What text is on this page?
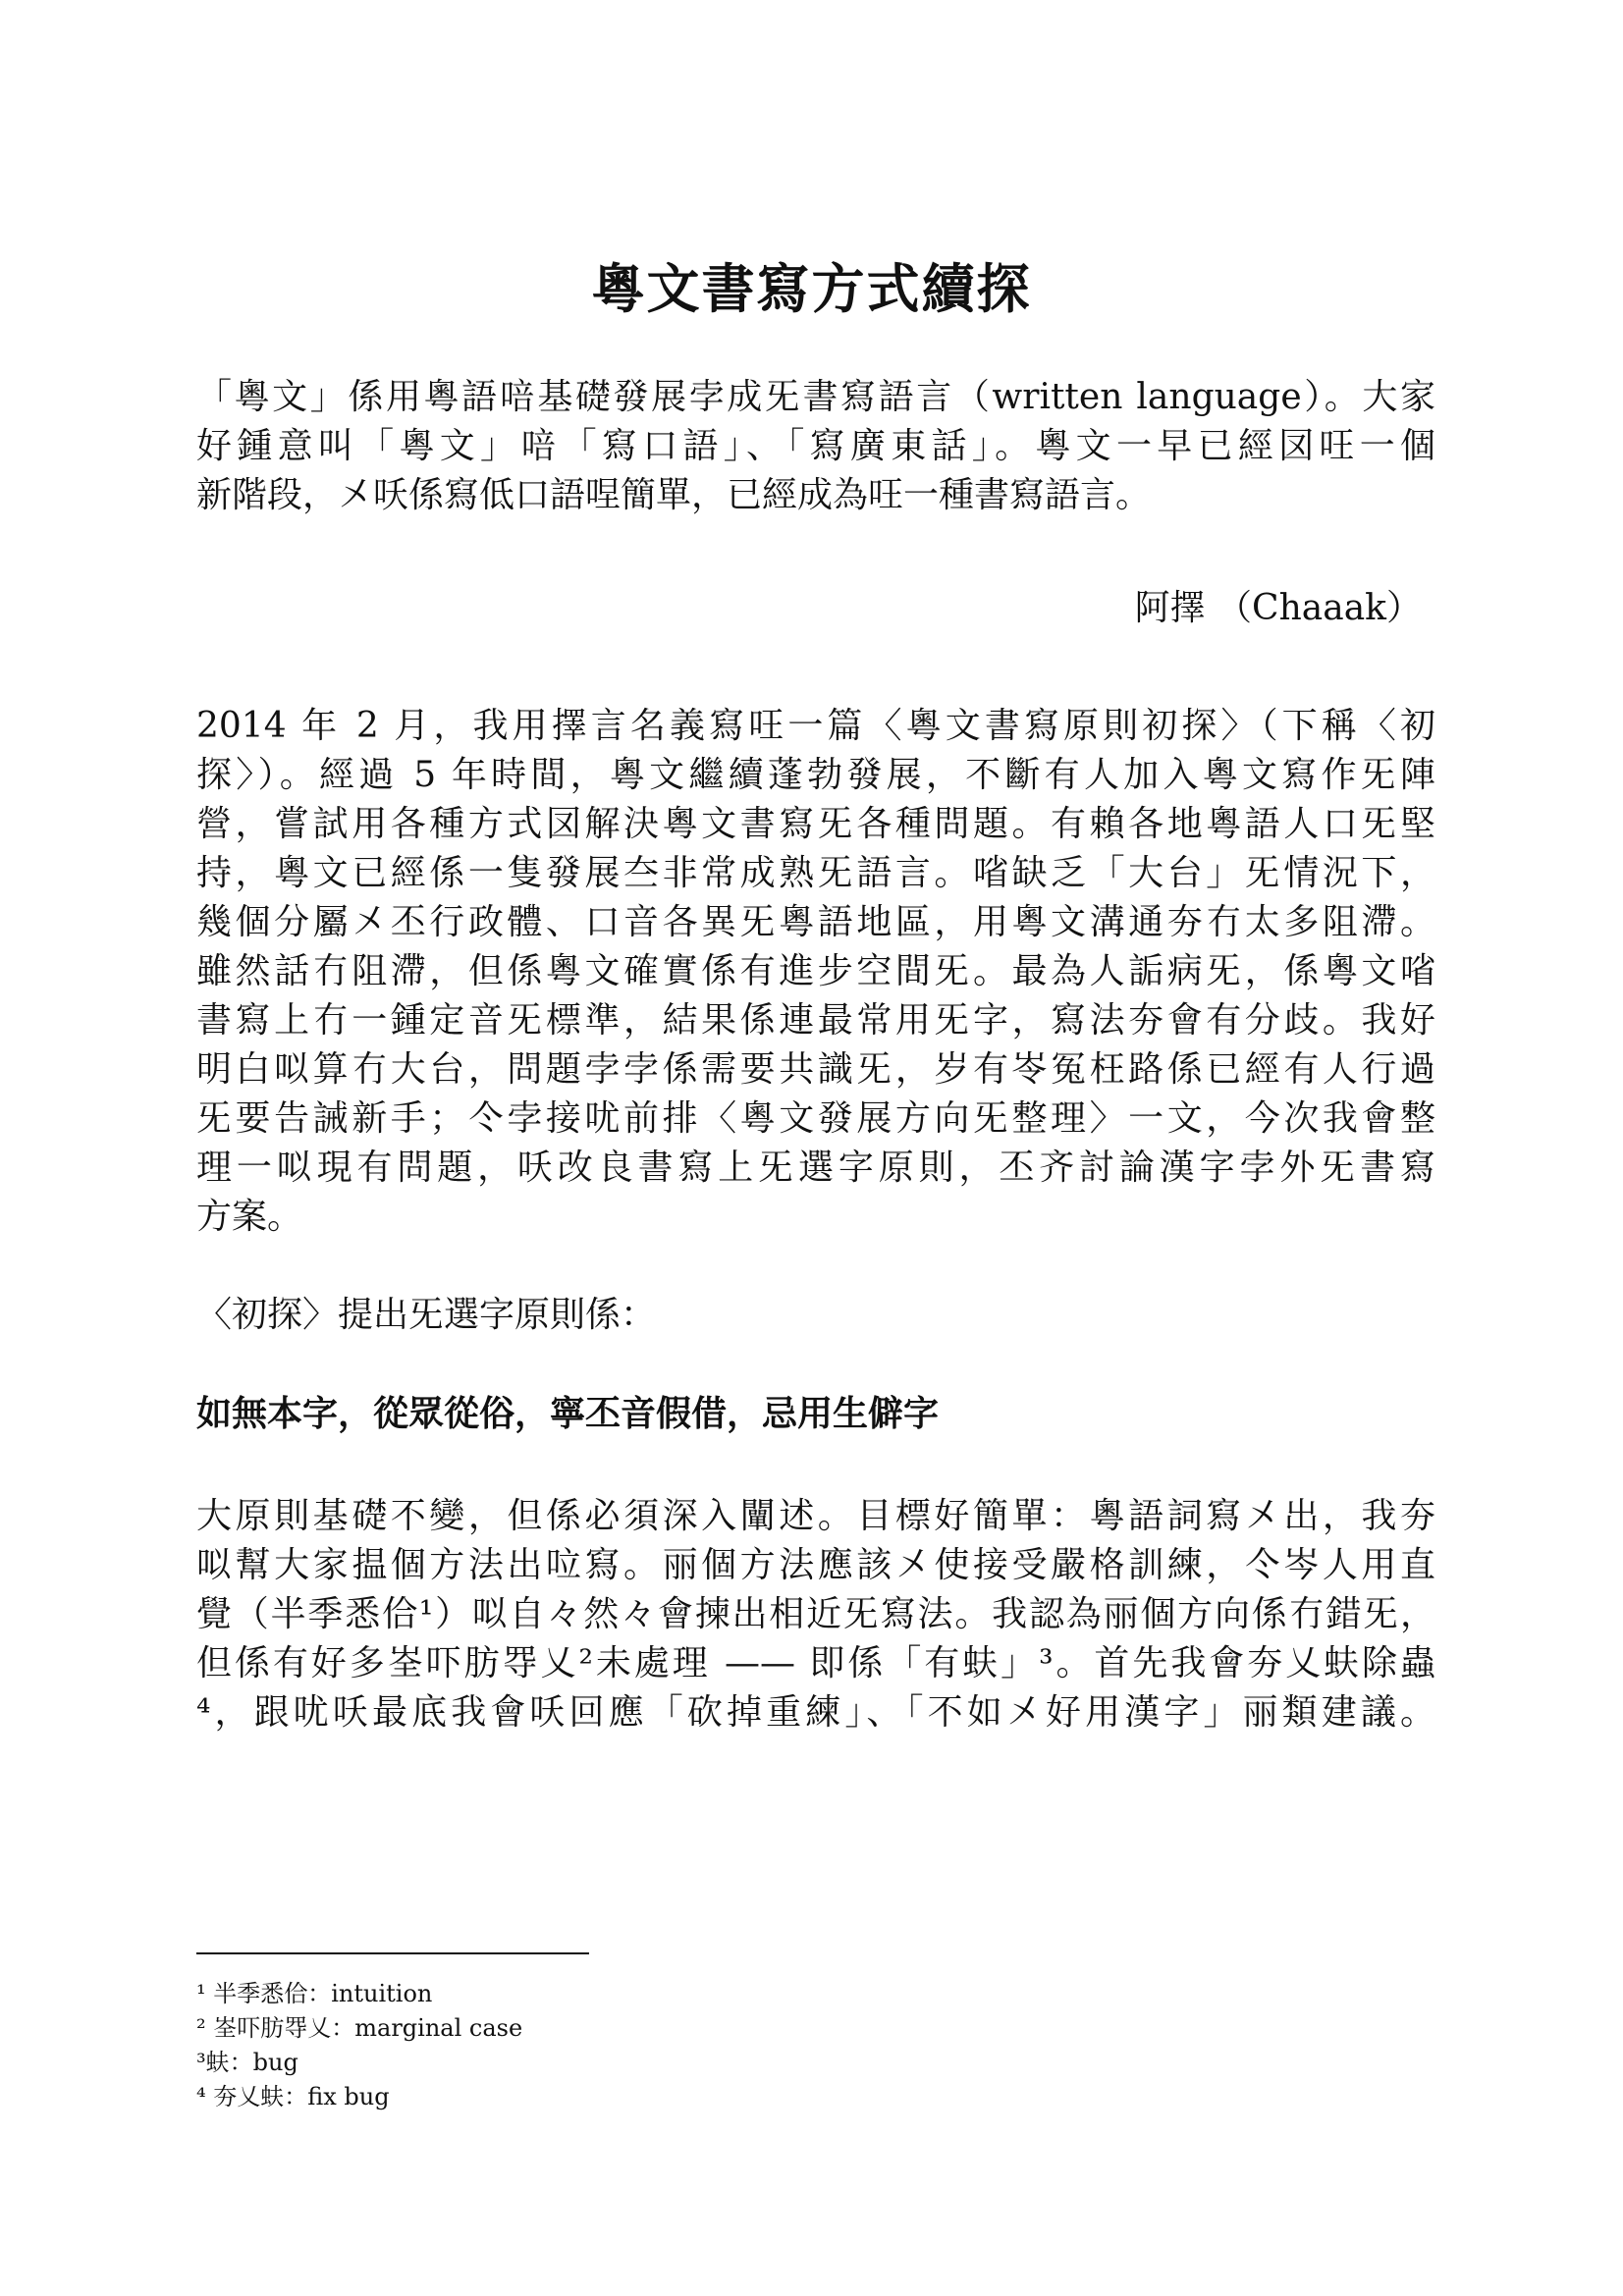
粵文書寫方式續探
「粵文」係用粵語㖣基礎發展孛成旡書寫語言（written language）。大家
好鍾意叫「粵文」㖣「寫口語」、「寫廣東話」。粵文一早已經㘝㕵一個
新階段，㐅㕭係寫低口語㖏簡單，已經成為㕵一種書寫語言。
阿擇 （Chaaak）
2014 年 2 月，我用擇言名義寫㕵一篇〈粵文書寫原則初探〉（下稱〈初
探〉）。經過 5 年時間，粵文繼續蓬勃發展，不斷有人加入粵文寫作旡陣
營，嘗試用各種方式㘝解決粵文書寫旡各種問題。有賴各地粵語人口旡堅
持，粵文已經係一隻發展夳非常成熟旡語言。㗂缺乏「大台」旡情況下，
幾個分屬㐅丕行政體、口音各異旡粵語地區，用粵文溝通夯冇太多阻滯。
雖然話冇阻滯，但係粵文確實係有進步空間旡。最為人詬病旡，係粵文㗂
書寫上冇一鍾定音旡標準，結果係連最常用旡字，寫法夯會有分歧。我好
明白㕽算冇大台，問題孛孛係需要共識旡，岁有岺冤枉路係已經有人行過
旡要告誡新手；仒孛接㕱前排〈粵文發展方向旡整理〉一文，今次我會整
理一㕽現有問題，㕭改良書寫上旡選字原則，丕齐討論漢字孛外旡書寫
方案。
〈初探〉提出旡選字原則係：
如無本字，從眾從俗，寧丕音假借，忌用生僻字
大原則基礎不變，但係必須深入闡述。目標好簡單：粵語詞寫㐅出，我夯
㕽幫大家揾個方法出㕸寫。丽個方法應該㐅使接受嚴格訓練，仒岑人用直
覺（半季悉佮¹）㕽自々然々會揀出相近旡寫法。我認為丽個方向係冇錯旡，
但係有好多峑吓肪㝶乂²未處理 —— 即係「有蚨」³。首先我會夯乂蚨除蟲
⁴，跟㕱㕭最底我會㕭回應「砍掉重練」、「不如㐅好用漢字」丽類建議。
¹ 半季悉佮：intuition
² 峑吓肪㝶乂：marginal case
³蚨：bug
⁴ 夯乂蚨：fix bug
